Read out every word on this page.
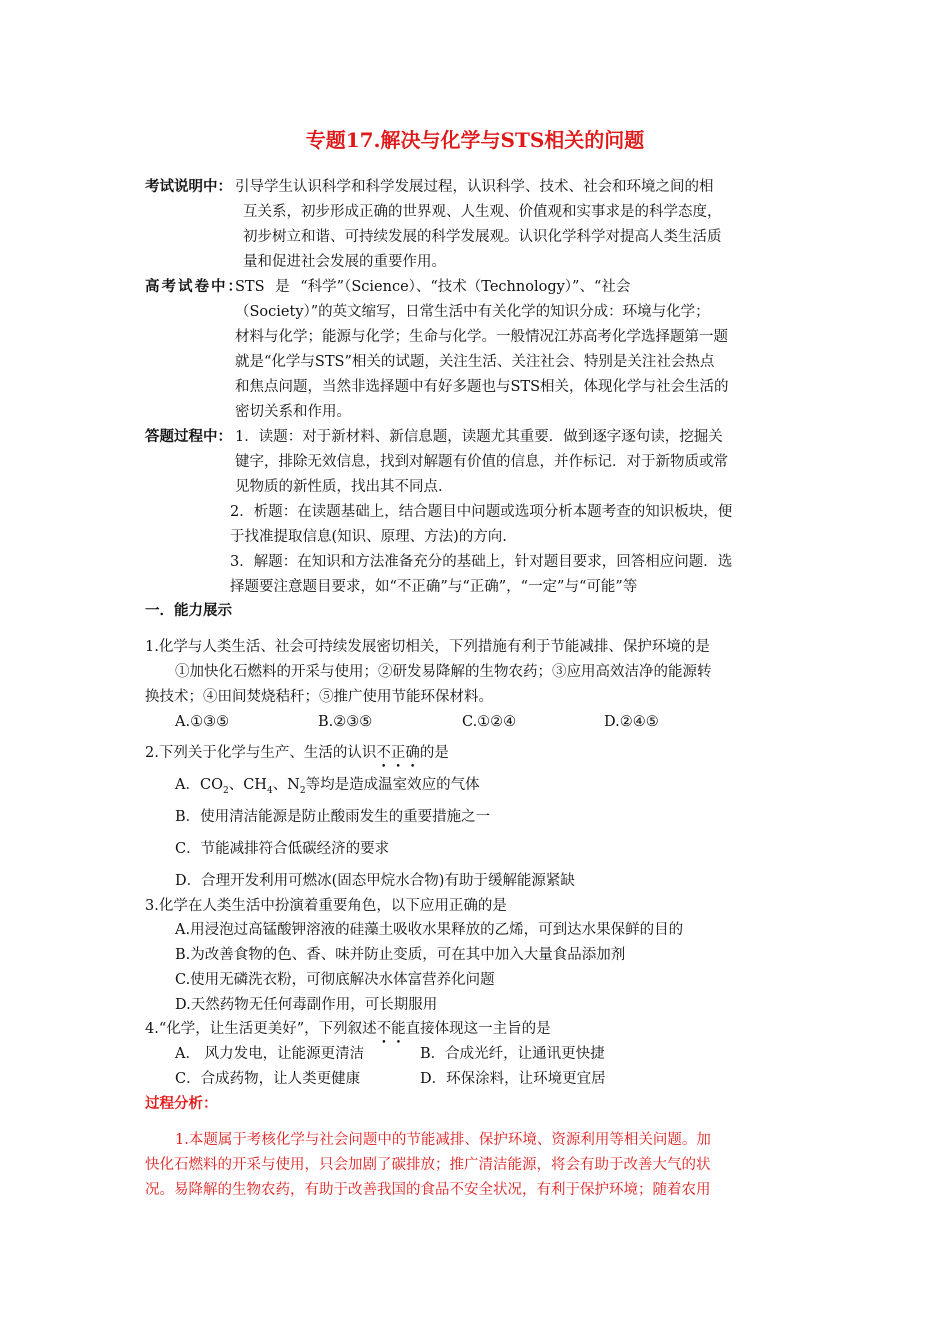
专题17.解决与化学与STS相关的问题
考试说明中： 引导学生认识科学和科学发展过程，认识科学、技术、社会和环境之间的相
互关系，初步形成正确的世界观、人生观、价值观和实事求是的科学态度，
初步树立和谐、可持续发展的科学发展观。认识化学科学对提高人类生活质
量和促进社会发展的重要作用。
高考试卷中：
STS 是 “科学”（Science）、“技术（Technology）”、“社会
（Society）”的英文缩写，日常生活中有关化学的知识分成：环境与化学；
材料与化学；能源与化学；生命与化学。一般情况江苏高考化学选择题第一题
就是“化学与STS”相关的试题，关注生活、关注社会、特别是关注社会热点
和焦点问题，当然非选择题中有好多题也与STS相关，体现化学与社会生活的
密切关系和作用。
答题过程中： 1．读题：对于新材料、新信息题，读题尤其重要．做到逐字逐句读，挖掘关
键字，排除无效信息，找到对解题有价值的信息，并作标记．对于新物质或常
见物质的新性质，找出其不同点.
2．析题：在读题基础上，结合题目中问题或选项分析本题考查的知识板块，便
于找准提取信息(知识、原理、方法)的方向.
3．解题：在知识和方法准备充分的基础上，针对题目要求，回答相应问题．选
择题要注意题目要求，如“不正确”与“正确”，“一定”与“可能”等
一．能力展示
1.化学与人类生活、社会可持续发展密切相关，下列措施有利于节能减排、保护环境的是
①加快化石燃料的开采与使用；②研发易降解的生物农药；③应用高效洁净的能源转
换技术；④田间焚烧秸秆；⑤推广使用节能环保材料。
A.①③⑤	B.②③⑤	C.①②④	D.②④⑤
2.下列关于化学与生产、生活的认识不正确的是
A．$CO_2$、$CH_4$、$N_2$等均是造成温室效应的气体
B．使用清洁能源是防止酸雨发生的重要措施之一
C．节能减排符合低碳经济的要求
D．合理开发利用可燃冰(固态甲烷水合物)有助于缓解能源紧缺
3.化学在人类生活中扮演着重要角色，以下应用正确的是
A.用浸泡过高锰酸钾溶液的硅藻土吸收水果释放的乙烯，可到达水果保鲜的目的
B.为改善食物的色、香、味并防止变质，可在其中加入大量食品添加剂
C.使用无磷洗衣粉，可彻底解决水体富营养化问题
D.天然药物无任何毒副作用，可长期服用
4.“化学，让生活更美好”，下列叙述不能直接体现这一主旨的是
A． 风力发电，让能源更清洁	B．合成光纤，让通讯更快捷
C．合成药物，让人类更健康	D．环保涂料，让环境更宜居
过程分析：
1.本题属于考核化学与社会问题中的节能减排、保护环境、资源利用等相关问题。加
快化石燃料的开采与使用，只会加剧了碳排放；推广清洁能源，将会有助于改善大气的状
况。易降解的生物农药，有助于改善我国的食品不安全状况，有利于保护环境；随着农用
